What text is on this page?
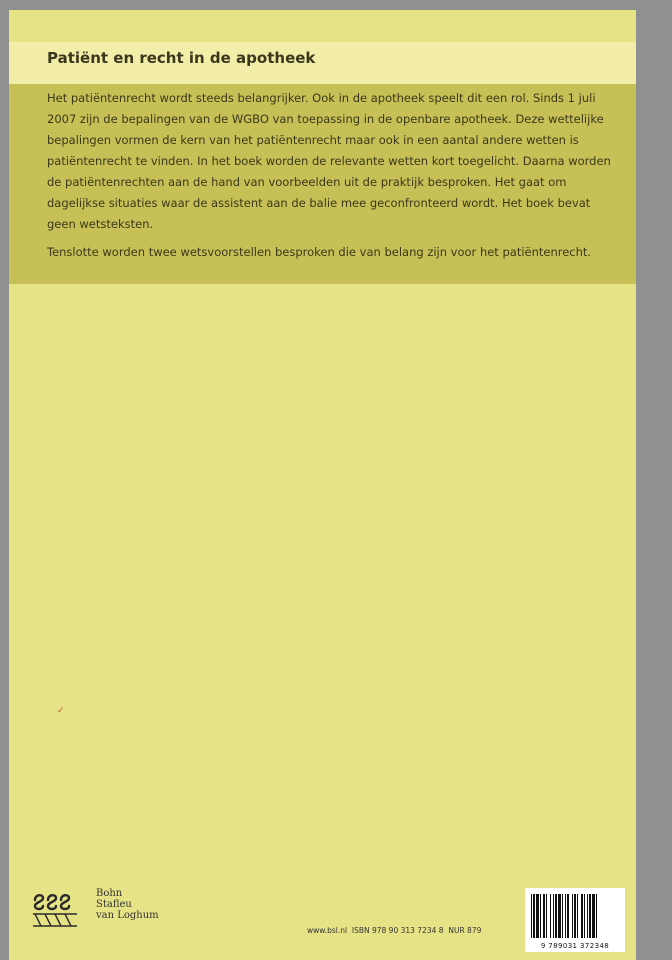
Patiënt en recht in de apotheek

Het patiëntenrecht wordt steeds belangrijker. Ook in de apotheek speelt dit een rol. Sinds 1 juli 2007 zijn de bepalingen van de WGBO van toepassing in de openbare apotheek. Deze wettelijke bepalingen vormen de kern van het patiëntenrecht maar ook in een aantal andere wetten is patiëntenrecht te vinden. In het boek worden de relevante wetten kort toegelicht. Daarna worden de patiëntenrechten aan de hand van voorbeelden uit de praktijk besproken. Het gaat om dagelijkse situaties waar de assistent aan de balie mee geconfronteerd wordt. Het boek bevat geen wetsteksten.

Tenslotte worden twee wetsvoorstellen besproken die van belang zijn voor het patiëntenrecht.

✓
Bohn
Stafleu
van Loghum
www.bsl.nl ISBN 978 90 313 7234 8 NUR 879
9 789031 372348
